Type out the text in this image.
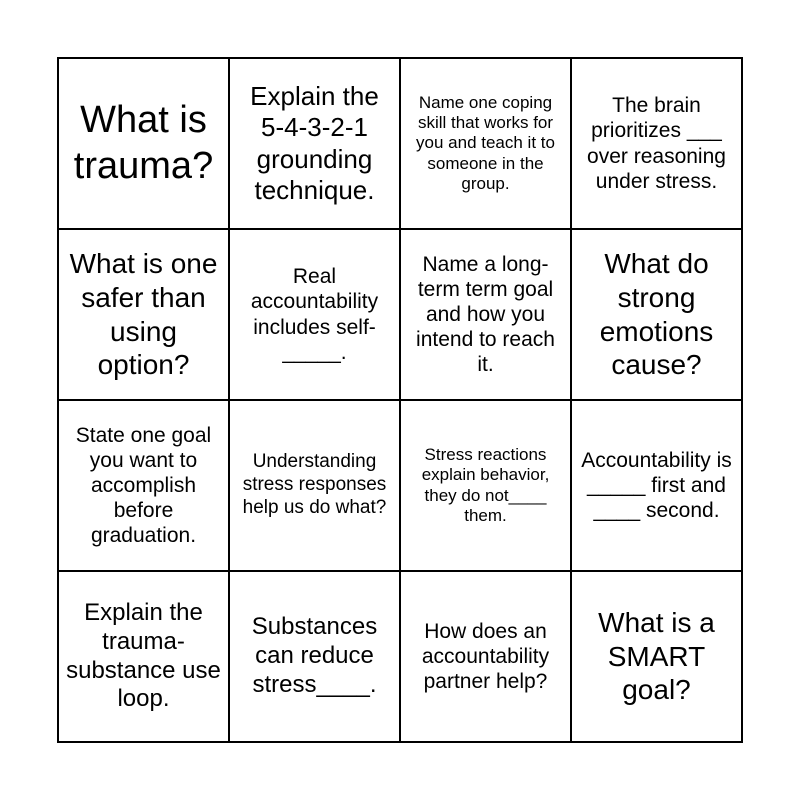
What is trauma?
Explain the 5-4-3-2-1 grounding technique.
Name one coping skill that works for you and teach it to someone in the group.
The brain prioritizes ___ over reasoning under stress.
What is one safer than using option?
Real accountability includes self-_____.
Name a long-term term goal and how you intend to reach it.
What do strong emotions cause?
State one goal you want to accomplish before graduation.
Understanding stress responses help us do what?
Stress reactions explain behavior, they do not____ them.
Accountability is _____ first and ____ second.
Explain the trauma-substance use loop.
Substances can reduce stress____.
How does an accountability partner help?
What is a SMART goal?
